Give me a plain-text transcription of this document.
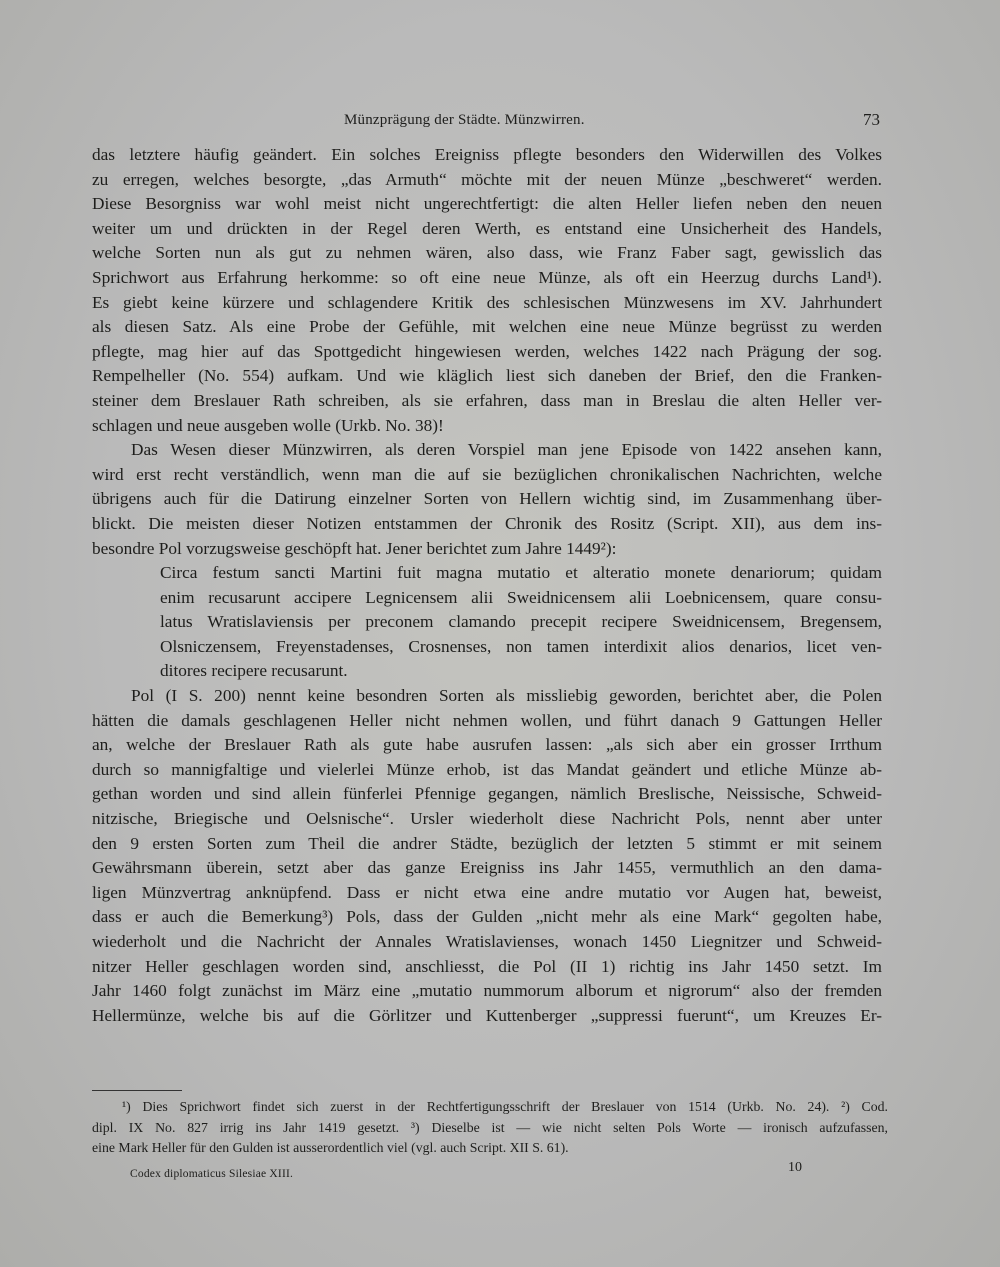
Münzprägung der Städte. Münzwirren.	73
das letztere häufig geändert. Ein solches Ereigniss pflegte besonders den Widerwillen des Volkes
zu erregen, welches besorgte, „das Armuth“ möchte mit der neuen Münze „beschweret“ werden.
Diese Besorgniss war wohl meist nicht ungerechtfertigt: die alten Heller liefen neben den neuen
weiter um und drückten in der Regel deren Werth, es entstand eine Unsicherheit des Handels,
welche Sorten nun als gut zu nehmen wären, also dass, wie Franz Faber sagt, gewisslich das
Sprichwort aus Erfahrung herkomme: so oft eine neue Münze, als oft ein Heerzug durchs Land¹).
Es giebt keine kürzere und schlagendere Kritik des schlesischen Münzwesens im XV. Jahrhundert
als diesen Satz. Als eine Probe der Gefühle, mit welchen eine neue Münze begrüsst zu werden
pflegte, mag hier auf das Spottgedicht hingewiesen werden, welches 1422 nach Prägung der sog.
Rempelheller (No. 554) aufkam. Und wie kläglich liest sich daneben der Brief, den die Franken-
steiner dem Breslauer Rath schreiben, als sie erfahren, dass man in Breslau die alten Heller ver-
schlagen und neue ausgeben wolle (Urkb. No. 38)!
Das Wesen dieser Münzwirren, als deren Vorspiel man jene Episode von 1422 ansehen kann,
wird erst recht verständlich, wenn man die auf sie bezüglichen chronikalischen Nachrichten, welche
übrigens auch für die Datirung einzelner Sorten von Hellern wichtig sind, im Zusammenhang über-
blickt. Die meisten dieser Notizen entstammen der Chronik des Rositz (Script. XII), aus dem ins-
besondre Pol vorzugsweise geschöpft hat. Jener berichtet zum Jahre 1449²):
Circa festum sancti Martini fuit magna mutatio et alteratio monete denariorum; quidam
enim recusarunt accipere Legnicensem alii Sweidnicensem alii Loebnicensem, quare consu-
latus Wratislaviensis per preconem clamando precepit recipere Sweidnicensem, Bregensem,
Olsniczensem, Freyenstadenses, Crosnenses, non tamen interdixit alios denarios, licet ven-
ditores recipere recusarunt.
Pol (I S. 200) nennt keine besondren Sorten als missliebig geworden, berichtet aber, die Polen
hätten die damals geschlagenen Heller nicht nehmen wollen, und führt danach 9 Gattungen Heller
an, welche der Breslauer Rath als gute habe ausrufen lassen: „als sich aber ein grosser Irrthum
durch so mannigfaltige und vielerlei Münze erhob, ist das Mandat geändert und etliche Münze ab-
gethan worden und sind allein fünferlei Pfennige gegangen, nämlich Breslische, Neissische, Schweid-
nitzische, Briegische und Oelsnische“. Ursler wiederholt diese Nachricht Pols, nennt aber unter
den 9 ersten Sorten zum Theil die andrer Städte, bezüglich der letzten 5 stimmt er mit seinem
Gewährsmann überein, setzt aber das ganze Ereigniss ins Jahr 1455, vermuthlich an den dama-
ligen Münzvertrag anknüpfend. Dass er nicht etwa eine andre mutatio vor Augen hat, beweist,
dass er auch die Bemerkung³) Pols, dass der Gulden „nicht mehr als eine Mark“ gegolten habe,
wiederholt und die Nachricht der Annales Wratislavienses, wonach 1450 Liegnitzer und Schweid-
nitzer Heller geschlagen worden sind, anschliesst, die Pol (II 1) richtig ins Jahr 1450 setzt. Im
Jahr 1460 folgt zunächst im März eine „mutatio nummorum alborum et nigrorum“ also der fremden
Hellermünze, welche bis auf die Görlitzer und Kuttenberger „suppressi fuerunt“, um Kreuzes Er-
¹) Dies Sprichwort findet sich zuerst in der Rechtfertigungsschrift der Breslauer von 1514 (Urkb. No. 24). ²) Cod.
dipl. IX No. 827 irrig ins Jahr 1419 gesetzt. ³) Dieselbe ist — wie nicht selten Pols Worte — ironisch aufzufassen,
eine Mark Heller für den Gulden ist ausserordentlich viel (vgl. auch Script. XII S. 61).
Codex diplomaticus Silesiae XIII.	10
